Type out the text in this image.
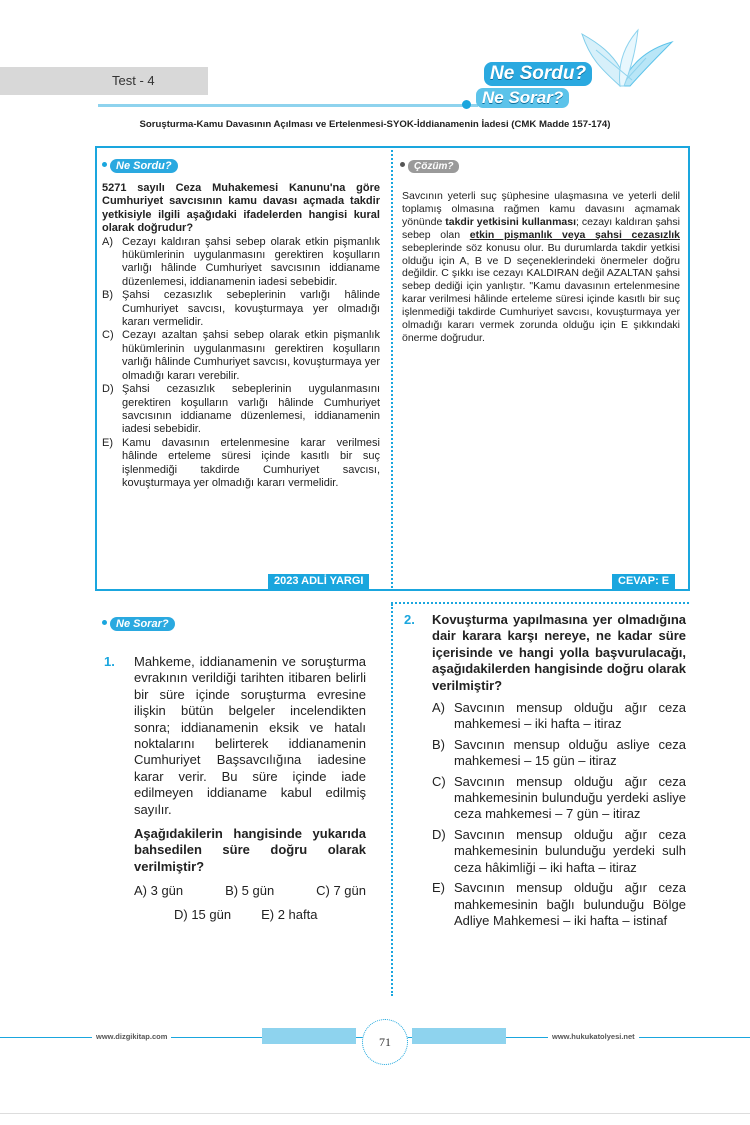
Test - 4	Ne Sordu?
Ne Sorar?
Soruşturma-Kamu Davasının Açılması ve Ertelenmesi-SYOK-İddianamenin İadesi (CMK Madde 157-174)
Ne Sordu?
5271 sayılı Ceza Muhakemesi Kanunu'na göre Cumhuriyet savcısının kamu davası açmada takdir yetkisiyle ilgili aşağıdaki ifadelerden hangisi kural olarak doğrudur?
A) Cezayı kaldıran şahsi sebep olarak etkin pişmanlık hükümlerinin uygulanmasını gerektiren koşulların varlığı hâlinde Cumhuriyet savcısının iddianame düzenlemesi, iddianamenin iadesi sebebidir.
B) Şahsi cezasızlık sebeplerinin varlığı hâlinde Cumhuriyet savcısı, kovuşturmaya yer olmadığı kararı vermelidir.
C) Cezayı azaltan şahsi sebep olarak etkin pişmanlık hükümlerinin uygulanmasını gerektiren koşulların varlığı hâlinde Cumhuriyet savcısı, kovuşturmaya yer olmadığı kararı verebilir.
D) Şahsi cezasızlık sebeplerinin uygulanmasını gerektiren koşulların varlığı hâlinde Cumhuriyet savcısının iddianame düzenlemesi, iddianamenin iadesi sebebidir.
E) Kamu davasının ertelenmesine karar verilmesi hâlinde erteleme süresi içinde kasıtlı bir suç işlenmediği takdirde Cumhuriyet savcısı, kovuşturmaya yer olmadığı kararı vermelidir.
2023 ADLİ YARGI
Çözüm?
Savcının yeterli suç şüphesine ulaşmasına ve yeterli delil toplamış olmasına rağmen kamu davasını açmamak yönünde takdir yetkisini kullanması; cezayı kaldıran şahsi sebep olan etkin pişmanlık veya şahsi cezasızlık sebeplerinde söz konusu olur. Bu durumlarda takdir yetkisi olduğu için A, B ve D seçeneklerindeki önermeler doğru değildir. C şıkkı ise cezayı KALDIRAN değil AZALTAN şahsi sebep dediği için yanlıştır. "Kamu davasının ertelenmesine karar verilmesi hâlinde erteleme süresi içinde kasıtlı bir suç işlenmediği takdirde Cumhuriyet savcısı, kovuşturmaya yer olmadığı kararı vermek zorunda olduğu için E şıkkındaki önerme doğrudur.
CEVAP: E
Ne Sorar?
1.	Mahkeme, iddianamenin ve soruşturma evrakının verildiği tarihten itibaren belirli bir süre içinde soruşturma evresine ilişkin bütün belgeler incelendikten sonra; iddianamenin eksik ve hatalı noktalarını belirterek iddianamenin Cumhuriyet Başsavcılığına iadesine karar verir. Bu süre içinde iade edilmeyen iddianame kabul edilmiş sayılır.
Aşağıdakilerin hangisinde yukarıda bahsedilen süre doğru olarak verilmiştir?
A) 3 gün	B) 5 gün	C) 7 gün
D) 15 gün E) 2 hafta
2.	Kovuşturma yapılmasına yer olmadığına dair karara karşı nereye, ne kadar süre içerisinde ve hangi yolla başvurulacağı, aşağıdakilerden hangisinde doğru olarak verilmiştir?
A) Savcının mensup olduğu ağır ceza mahkemesi – iki hafta – itiraz
B) Savcının mensup olduğu asliye ceza mahkemesi – 15 gün – itiraz
C) Savcının mensup olduğu ağır ceza mahkemesinin bulunduğu yerdeki asliye ceza mahkemesi – 7 gün – itiraz
D) Savcının mensup olduğu ağır ceza mahkemesinin bulunduğu yerdeki sulh ceza hâkimliği – iki hafta – itiraz
E) Savcının mensup olduğu ağır ceza mahkemesinin bağlı bulunduğu Bölge Adliye Mahkemesi – iki hafta – istinaf
www.dizgikitap.com	www.hukukatolyesi.net
71
